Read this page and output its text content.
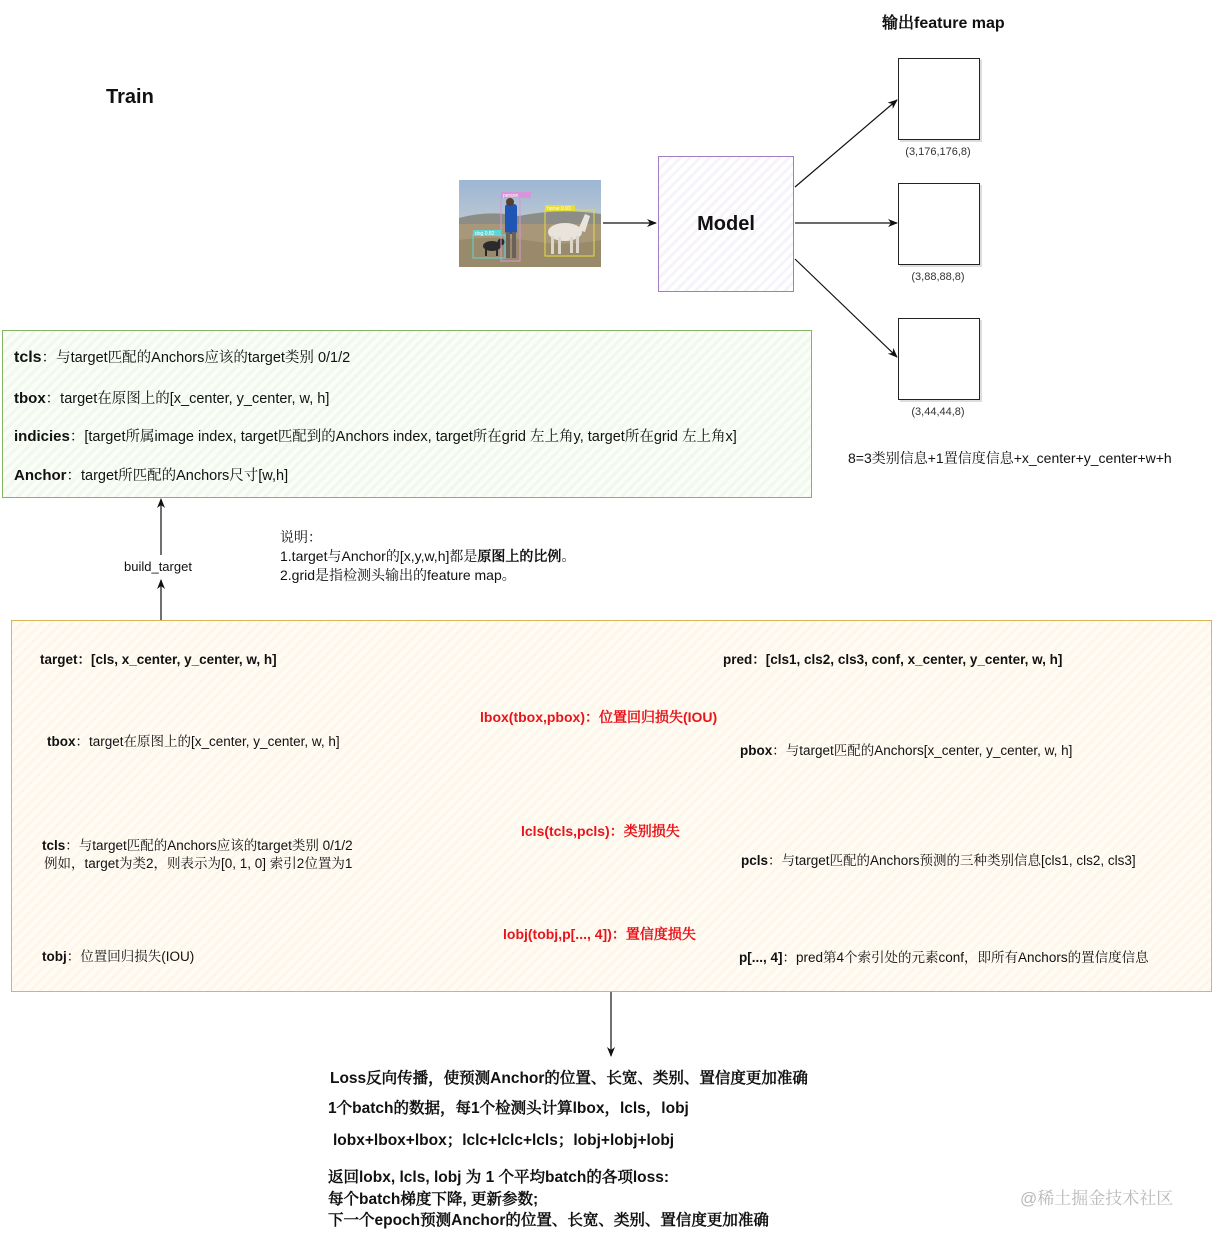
Train
输出feature map
person
horse 0.93
dog 0.82	Model
(3,176,176,8)
(3,88,88,8)
(3,44,44,8)
8=3类别信息+1置信度信息+x_center+y_center+w+h
tcls：与target匹配的Anchors应该的target类别 0/1/2
tbox：target在原图上的[x_center, y_center, w, h]
indicies：[target所属image index, target匹配到的Anchors index, target所在grid 左上角y, target所在grid 左上角x]
Anchor：target所匹配的Anchors尺寸[w,h]
build_target
说明：
1.target与Anchor的[x,y,w,h]都是原图上的比例。
2.grid是指检测头输出的feature map。
target：[cls, x_center, y_center, w, h]	pred：[cls1, cls2, cls3, conf, x_center, y_center, w, h]
tbox：target在原图上的[x_center, y_center, w, h]
pbox：与target匹配的Anchors[x_center, y_center, w, h]
tcls：与target匹配的Anchors应该的target类别 0/1/2
例如，target为类2，则表示为[0, 1, 0] 索引2位置为1	pcls：与target匹配的Anchors预测的三种类别信息[cls1, cls2, cls3]
tobj：位置回归损失(IOU)	p[..., 4]：pred第4个索引处的元素conf，即所有Anchors的置信度信息
lbox(tbox,pbox)：位置回归损失(IOU)
lcls(tcls,pcls)：类别损失
lobj(tobj,p[..., 4])：置信度损失
Loss反向传播，使预测Anchor的位置、长宽、类别、置信度更加准确
1个batch的数据，每1个检测头计算lbox，lcls，lobj
lobx+lbox+lbox；lclc+lclc+lcls；lobj+lobj+lobj
返回lobx, lcls, lobj 为 1 个平均batch的各项loss:
每个batch梯度下降, 更新参数;
下一个epoch预测Anchor的位置、长宽、类别、置信度更加准确
@稀土掘金技术社区
